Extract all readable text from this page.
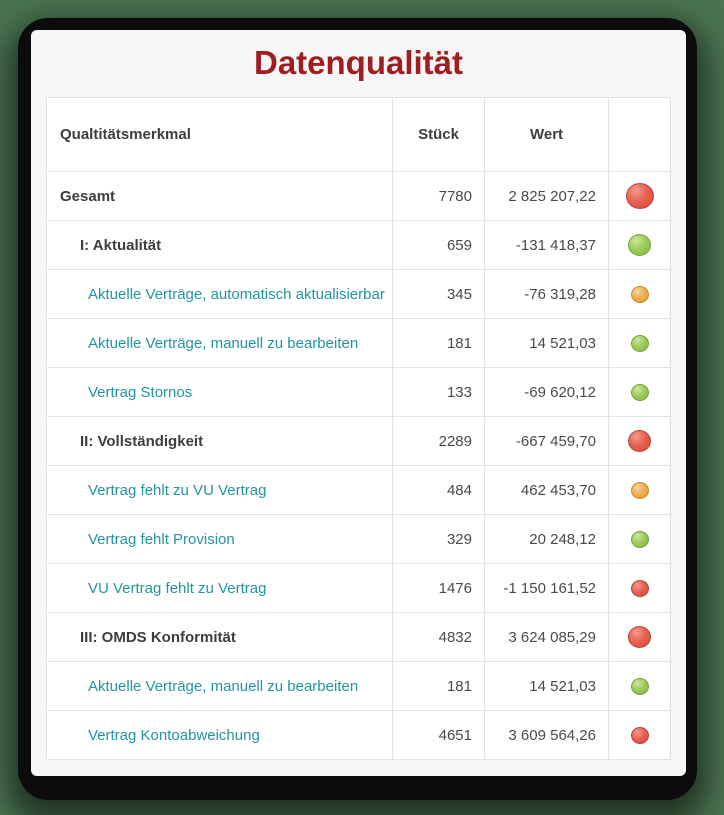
Datenqualität
Qualtitätsmerkmal	Stück	Wert	
Gesamt	7780	2 825 207,22	
I: Aktualität	659	-131 418,37	
Aktuelle Verträge, automatisch aktualisierbar	345	-76 319,28	
Aktuelle Verträge, manuell zu bearbeiten	181	14 521,03	
Vertrag Stornos	133	-69 620,12	
II: Vollständigkeit	2289	-667 459,70	
Vertrag fehlt zu VU Vertrag	484	462 453,70	
Vertrag fehlt Provision	329	20 248,12	
VU Vertrag fehlt zu Vertrag	1476	-1 150 161,52	
III: OMDS Konformität	4832	3 624 085,29	
Aktuelle Verträge, manuell zu bearbeiten	181	14 521,03	
Vertrag Kontoabweichung	4651	3 609 564,26	
